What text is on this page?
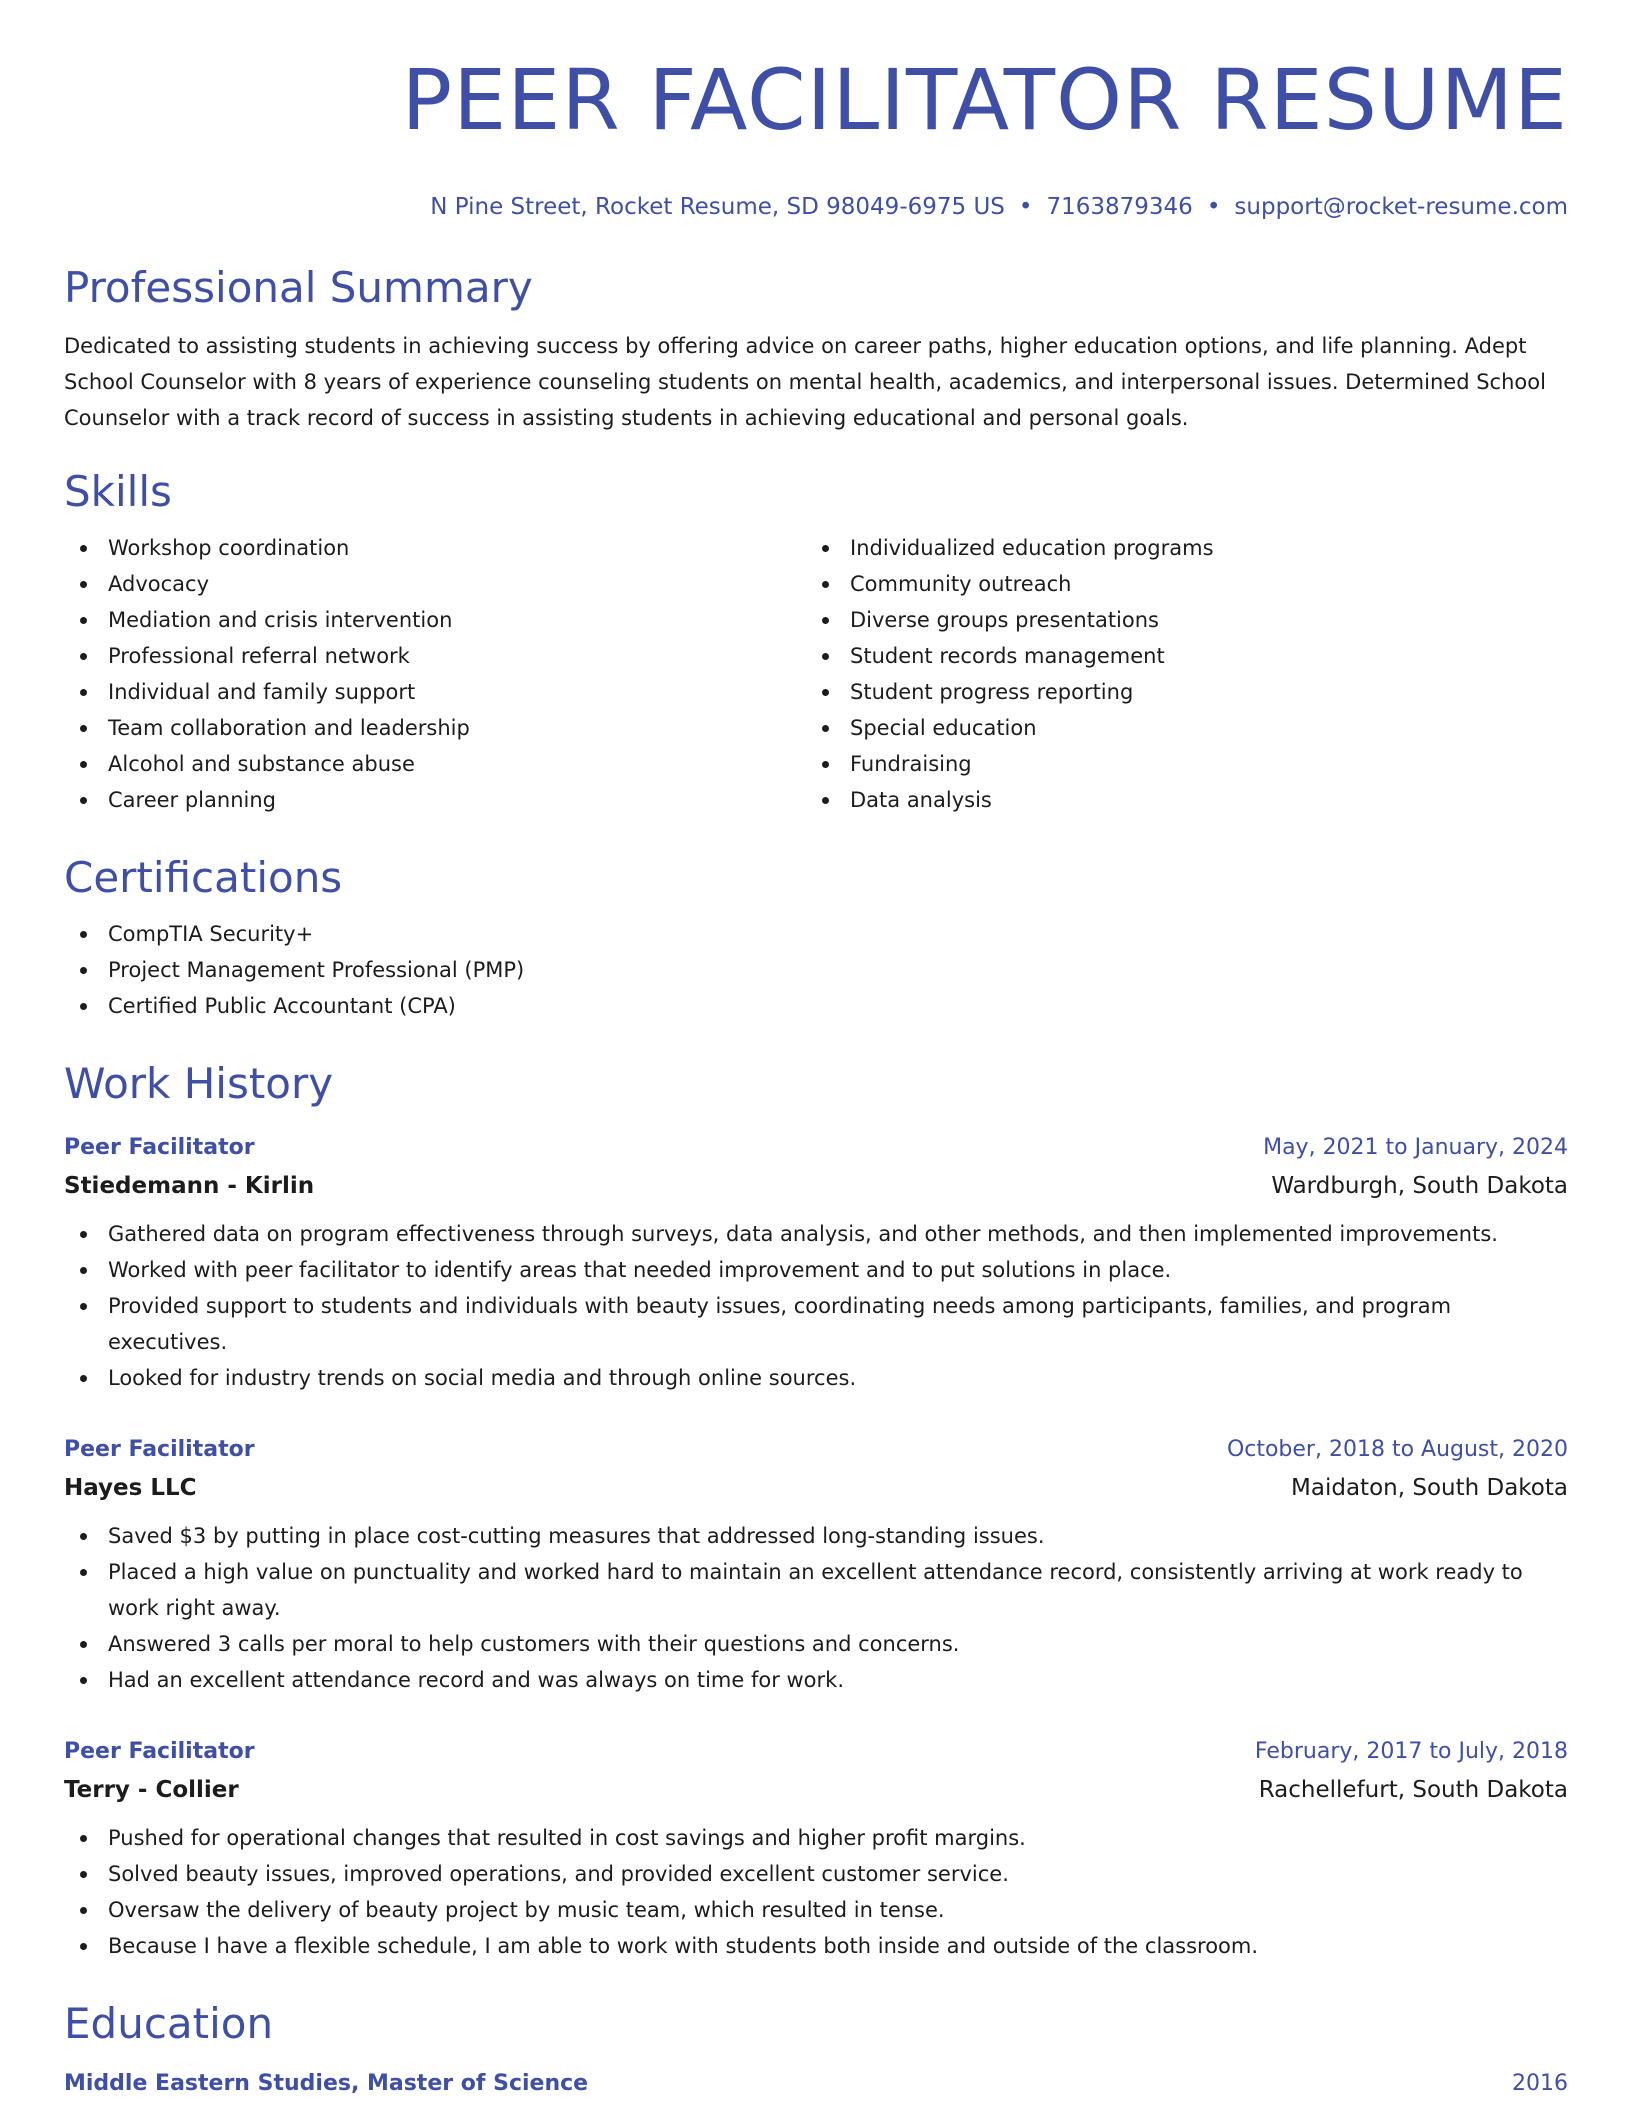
PEER FACILITATOR RESUME
N Pine Street, Rocket Resume, SD 98049-6975 US • 7163879346 • support@rocket-resume.com
Professional Summary
Dedicated to assisting students in achieving success by offering advice on career paths, higher education options, and life planning. Adept School Counselor with 8 years of experience counseling students on mental health, academics, and interpersonal issues. Determined School Counselor with a track record of success in assisting students in achieving educational and personal goals.
Skills
Workshop coordination
Advocacy
Mediation and crisis intervention
Professional referral network
Individual and family support
Team collaboration and leadership
Alcohol and substance abuse
Career planning
Individualized education programs
Community outreach
Diverse groups presentations
Student records management
Student progress reporting
Special education
Fundraising
Data analysis
Certifications
CompTIA Security+
Project Management Professional (PMP)
Certified Public Accountant (CPA)
Work History
Peer Facilitator	May, 2021 to January, 2024
Stiedemann - Kirlin	Wardburgh, South Dakota
Gathered data on program effectiveness through surveys, data analysis, and other methods, and then implemented improvements.
Worked with peer facilitator to identify areas that needed improvement and to put solutions in place.
Provided support to students and individuals with beauty issues, coordinating needs among participants, families, and program executives.
Looked for industry trends on social media and through online sources.
Peer Facilitator	October, 2018 to August, 2020
Hayes LLC	Maidaton, South Dakota
Saved $3 by putting in place cost-cutting measures that addressed long-standing issues.
Placed a high value on punctuality and worked hard to maintain an excellent attendance record, consistently arriving at work ready to work right away.
Answered 3 calls per moral to help customers with their questions and concerns.
Had an excellent attendance record and was always on time for work.
Peer Facilitator	February, 2017 to July, 2018
Terry - Collier	Rachellefurt, South Dakota
Pushed for operational changes that resulted in cost savings and higher profit margins.
Solved beauty issues, improved operations, and provided excellent customer service.
Oversaw the delivery of beauty project by music team, which resulted in tense.
Because I have a flexible schedule, I am able to work with students both inside and outside of the classroom.
Education
Middle Eastern Studies, Master of Science	2016
